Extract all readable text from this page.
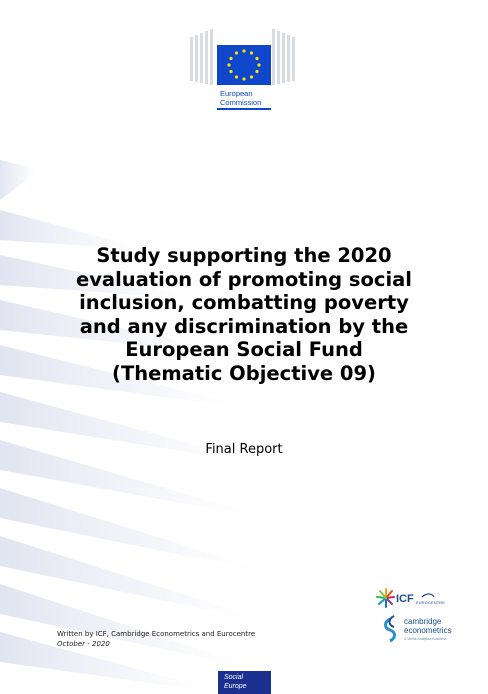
European
Commission
Study supporting the 2020
evaluation of promoting social
inclusion, combatting poverty
and any discrimination by the
European Social Fund
(Thematic Objective 09)
Final Report
ICF EUROCENTRE
cambridge
econometrics
A Verisk Analytics Business
Written by ICF, Cambridge Econometrics and Eurocentre
October - 2020
Social
Europe
